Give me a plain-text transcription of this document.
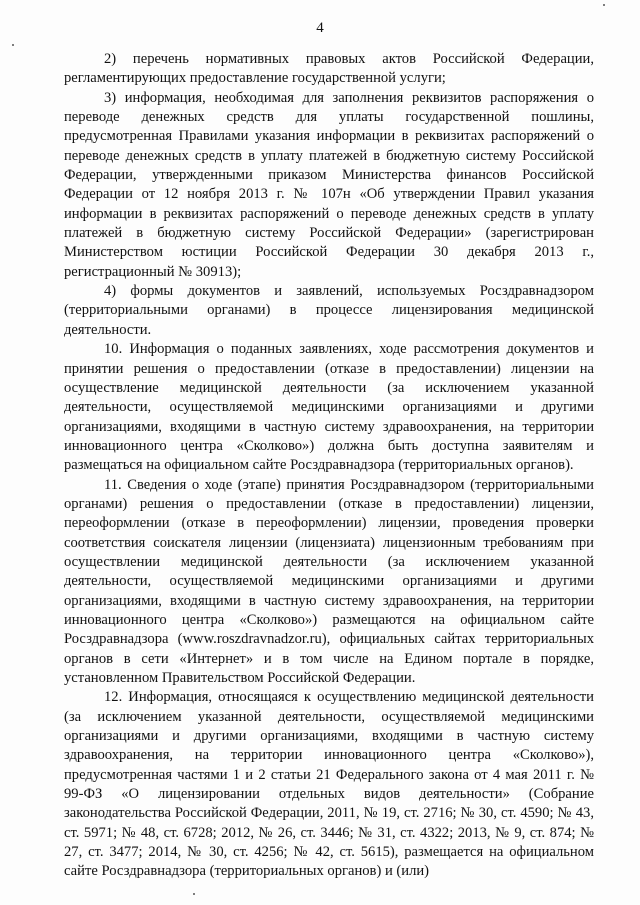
4

2) перечень нормативных правовых актов Российской Федерации, регламентирующих предоставление государственной услуги;

3) информация, необходимая для заполнения реквизитов распоряжения о переводе денежных средств для уплаты государственной пошлины, предусмотренная Правилами указания информации в реквизитах распоряжений о переводе денежных средств в уплату платежей в бюджетную систему Российской Федерации, утвержденными приказом Министерства финансов Российской Федерации от 12 ноября 2013 г. № 107н «Об утверждении Правил указания информации в реквизитах распоряжений о переводе денежных средств в уплату платежей в бюджетную систему Российской Федерации» (зарегистрирован Министерством юстиции Российской Федерации 30 декабря 2013 г., регистрационный № 30913);

4) формы документов и заявлений, используемых Росздравнадзором (территориальными органами) в процессе лицензирования медицинской деятельности.

10. Информация о поданных заявлениях, ходе рассмотрения документов и принятии решения о предоставлении (отказе в предоставлении) лицензии на осуществление медицинской деятельности (за исключением указанной деятельности, осуществляемой медицинскими организациями и другими организациями, входящими в частную систему здравоохранения, на территории инновационного центра «Сколково») должна быть доступна заявителям и размещаться на официальном сайте Росздравнадзора (территориальных органов).

11. Сведения о ходе (этапе) принятия Росздравнадзором (территориальными органами) решения о предоставлении (отказе в предоставлении) лицензии, переоформлении (отказе в переоформлении) лицензии, проведения проверки соответствия соискателя лицензии (лицензиата) лицензионным требованиям при осуществлении медицинской деятельности (за исключением указанной деятельности, осуществляемой медицинскими организациями и другими организациями, входящими в частную систему здравоохранения, на территории инновационного центра «Сколково») размещаются на официальном сайте Росздравнадзора (www.roszdravnadzor.ru), официальных сайтах территориальных органов в сети «Интернет» и в том числе на Едином портале в порядке, установленном Правительством Российской Федерации.

12. Информация, относящаяся к осуществлению медицинской деятельности (за исключением указанной деятельности, осуществляемой медицинскими организациями и другими организациями, входящими в частную систему здравоохранения, на территории инновационного центра «Сколково»), предусмотренная частями 1 и 2 статьи 21 Федерального закона от 4 мая 2011 г. № 99-ФЗ «О лицензировании отдельных видов деятельности» (Собрание законодательства Российской Федерации, 2011, № 19, ст. 2716; № 30, ст. 4590; № 43, ст. 5971; № 48, ст. 6728; 2012, № 26, ст. 3446; № 31, ст. 4322; 2013, № 9, ст. 874; № 27, ст. 3477; 2014, № 30, ст. 4256; № 42, ст. 5615), размещается на официальном сайте Росздравнадзора (территориальных органов) и (или)
